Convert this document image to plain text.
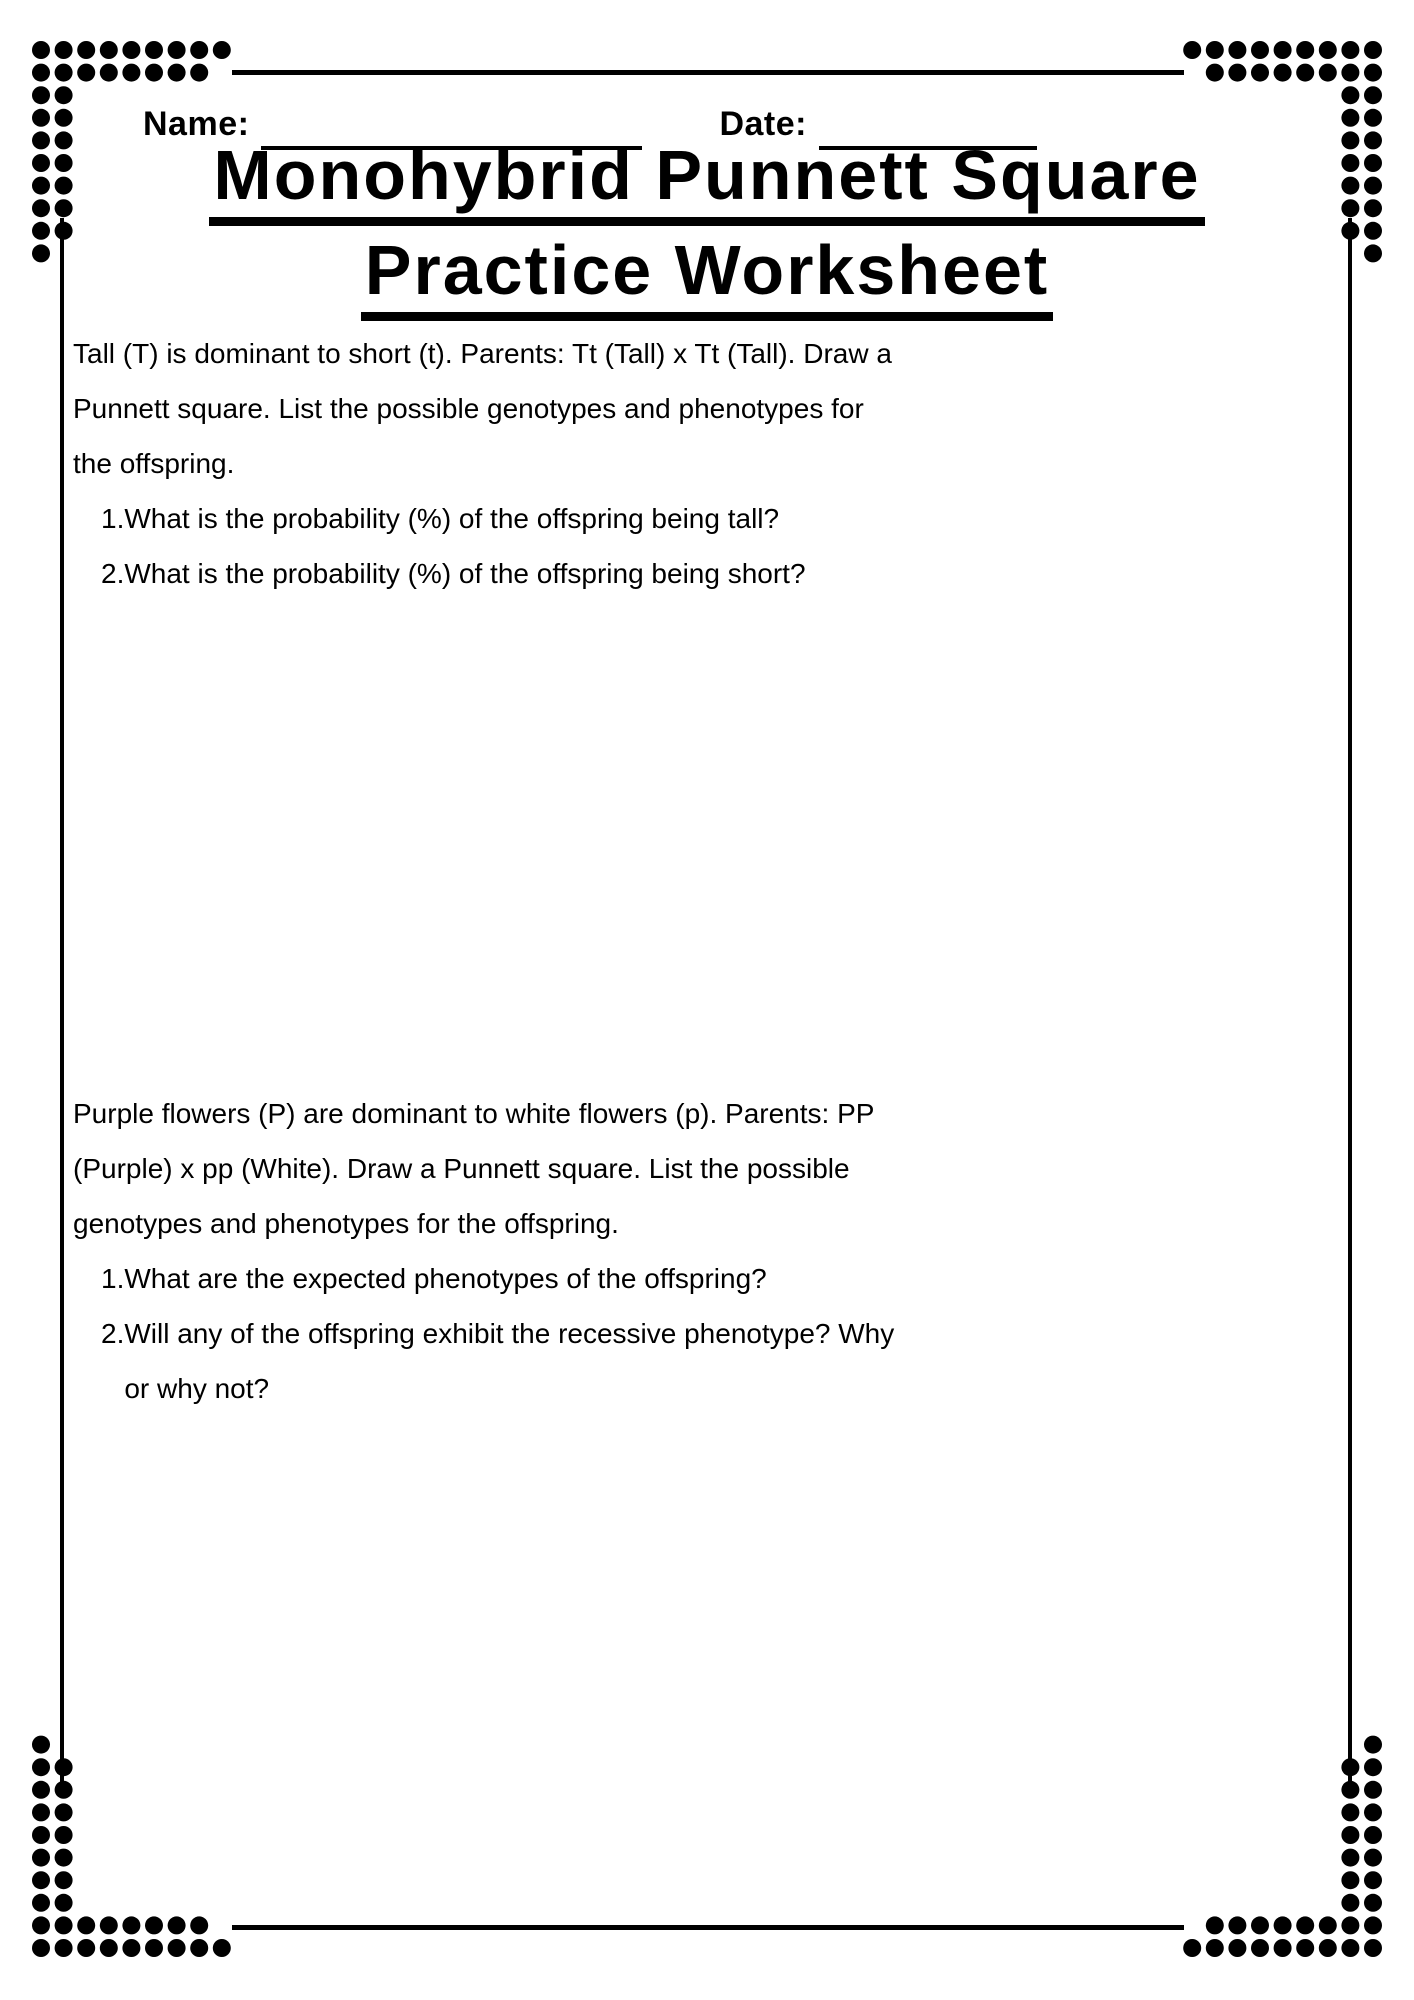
Name:	Date:
Monohybrid Punnett Square
Practice Worksheet
Tall (T) is dominant to short (t). Parents: Tt (Tall) x Tt (Tall). Draw a
Punnett square. List the possible genotypes and phenotypes for
the offspring.
1. What is the probability (%) of the offspring being tall?
2. What is the probability (%) of the offspring being short?
Purple flowers (P) are dominant to white flowers (p). Parents: PP
(Purple) x pp (White). Draw a Punnett square. List the possible
genotypes and phenotypes for the offspring.
1. What are the expected phenotypes of the offspring?
2. Will any of the offspring exhibit the recessive phenotype? Why
or why not?
